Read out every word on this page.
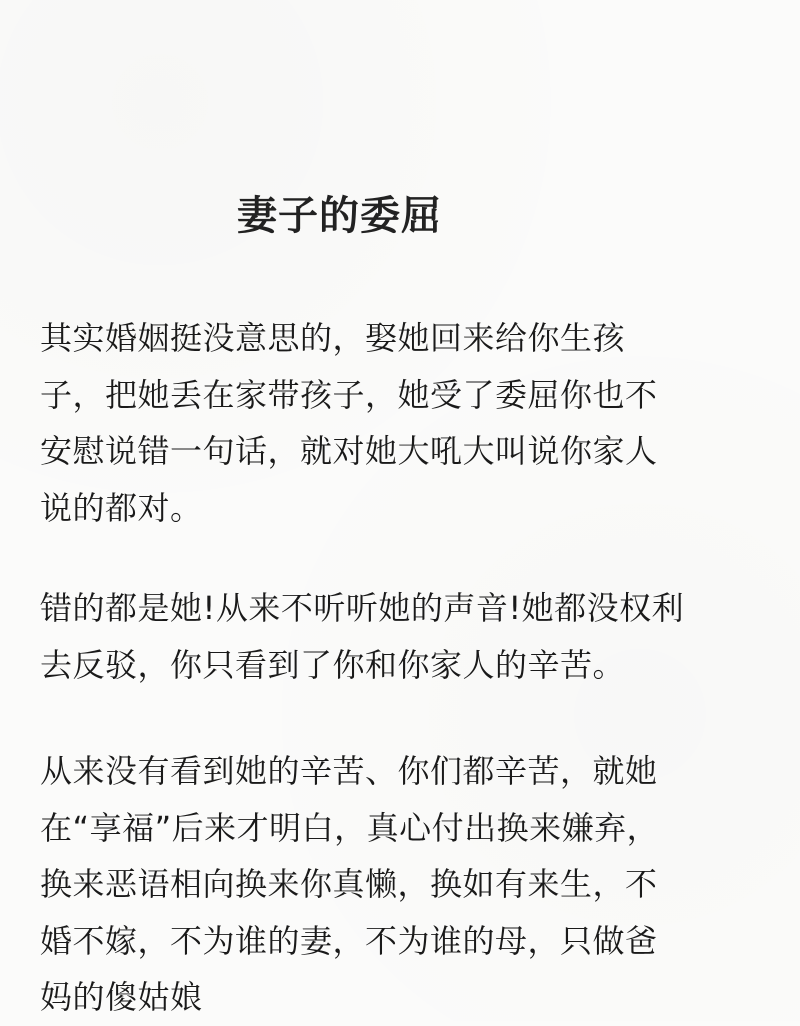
妻子的委屈
其实婚姻挺没意思的，娶她回来给你生孩
子，把她丢在家带孩子，她受了委屈你也不
安慰说错一句话，就对她大吼大叫说你家人
说的都对。
错的都是她!从来不听听她的声音!她都没权利
去反驳，你只看到了你和你家人的辛苦。
从来没有看到她的辛苦、你们都辛苦，就她
在“享福”后来才明白，真心付出换来嫌弃，
换来恶语相向换来你真懒，换如有来生，不
婚不嫁，不为谁的妻，不为谁的母，只做爸
妈的傻姑娘
